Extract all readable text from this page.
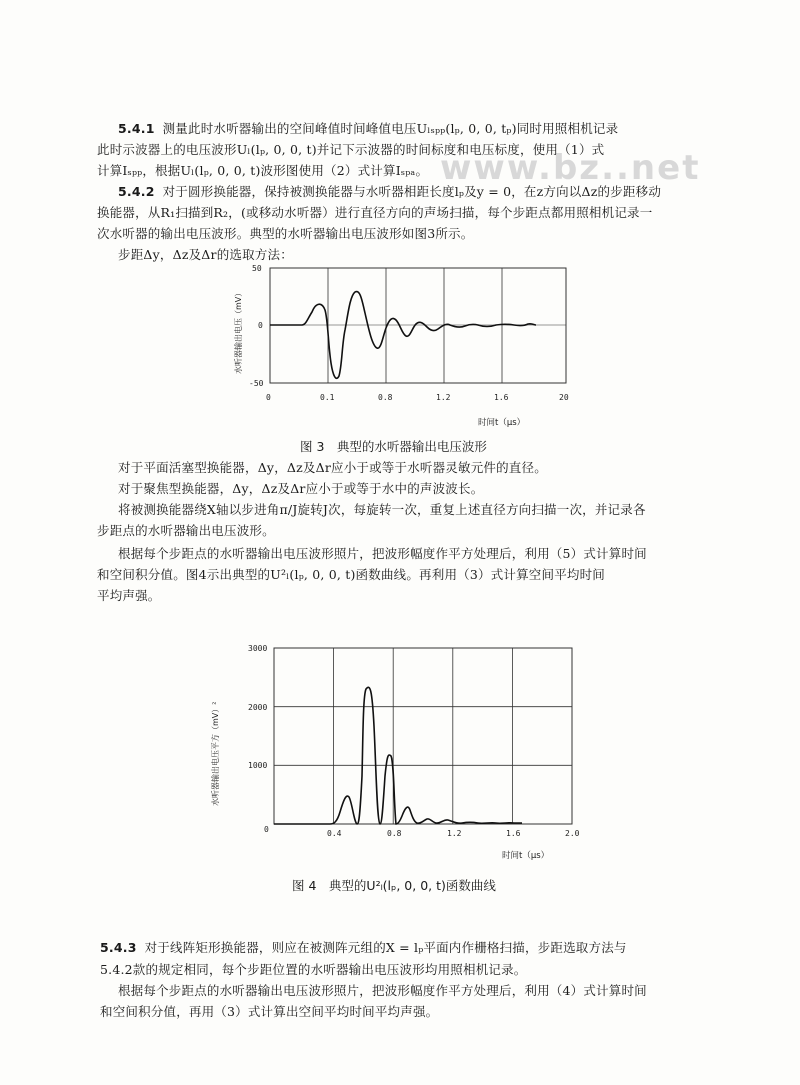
www.bz..net
5.4.1 测量此时水听器输出的空间峰值时间峰值电压Uₗₛₚₚ(lₚ, 0, 0, tₚ)同时用照相机记录
此时示波器上的电压波形Uₗ(lₚ, 0, 0, t)并记下示波器的时间标度和电压标度，使用（1）式
计算Iₛₚₚ，根据Uₗ(lₚ, 0, 0, t)波形图使用（2）式计算Iₛₚₐ。
5.4.2 对于圆形换能器，保持被测换能器与水听器相距长度lₚ及y = 0，在z方向以Δz的步距移动
换能器，从R₁扫描到R₂，(或移动水听器）进行直径方向的声场扫描，每个步距点都用照相机记录一
次水听器的输出电压波形。典型的水听器输出电压波形如图3所示。
步距Δy，Δz及Δr的选取方法：
50
0
-50
0	0.1	0.8	1.2	1.6	20
水听器输出电压（mV）
时间t（μs）
图 3　典型的水听器输出电压波形
对于平面活塞型换能器，Δy，Δz及Δr应小于或等于水听器灵敏元件的直径。
对于聚焦型换能器，Δy，Δz及Δr应小于或等于水中的声波波长。
将被测换能器绕X轴以步进角π/J旋转J次，每旋转一次，重复上述直径方向扫描一次，并记录各
步距点的水听器输出电压波形。
根据每个步距点的水听器输出电压波形照片，把波形幅度作平方处理后，利用（5）式计算时间
和空间积分值。图4示出典型的U²ₗ(lₚ, 0, 0, t)函数曲线。再利用（3）式计算空间平均时间
平均声强。
3000
2000
1000
0	0.4	0.8	1.2	1.6	2.0
水听器输出电压平方（mV）²
时间t（μs）
图 4　典型的U²ₗ(lₚ, 0, 0, t)函数曲线
5.4.3 对于线阵矩形换能器，则应在被测阵元组的X = lₚ平面内作栅格扫描，步距选取方法与
5.4.2款的规定相同，每个步距位置的水听器输出电压波形均用照相机记录。
根据每个步距点的水听器输出电压波形照片，把波形幅度作平方处理后，利用（4）式计算时间
和空间积分值，再用（3）式计算出空间平均时间平均声强。
